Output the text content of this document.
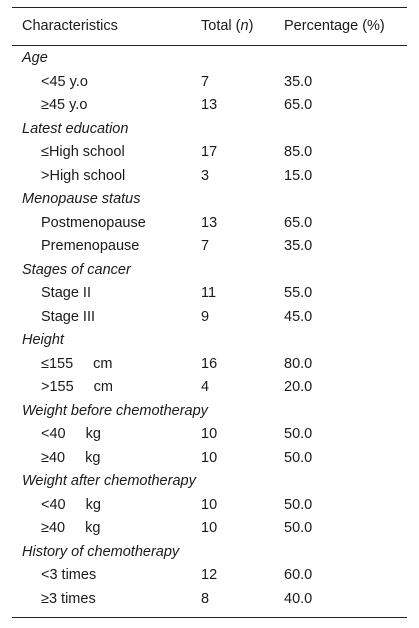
Characteristics	Total (n) Percentage (%)
Age
<45 y.o	7	35.0
≥45 y.o	13	65.0
Latest education
≤High school	17	85.0
>High school	3	15.0
Menopause status
Postmenopause	13	65.0
Premenopause	7	35.0
Stages of cancer
Stage II	11	55.0
Stage III	9	45.0
Height
≤155 cm	16	80.0
>155 cm	4	20.0
Weight before chemotherapy
<40 kg	10	50.0
≥40 kg	10	50.0
Weight after chemotherapy
<40 kg	10	50.0
≥40 kg	10	50.0
History of chemotherapy
<3 times	12	60.0
≥3 times	8	40.0
